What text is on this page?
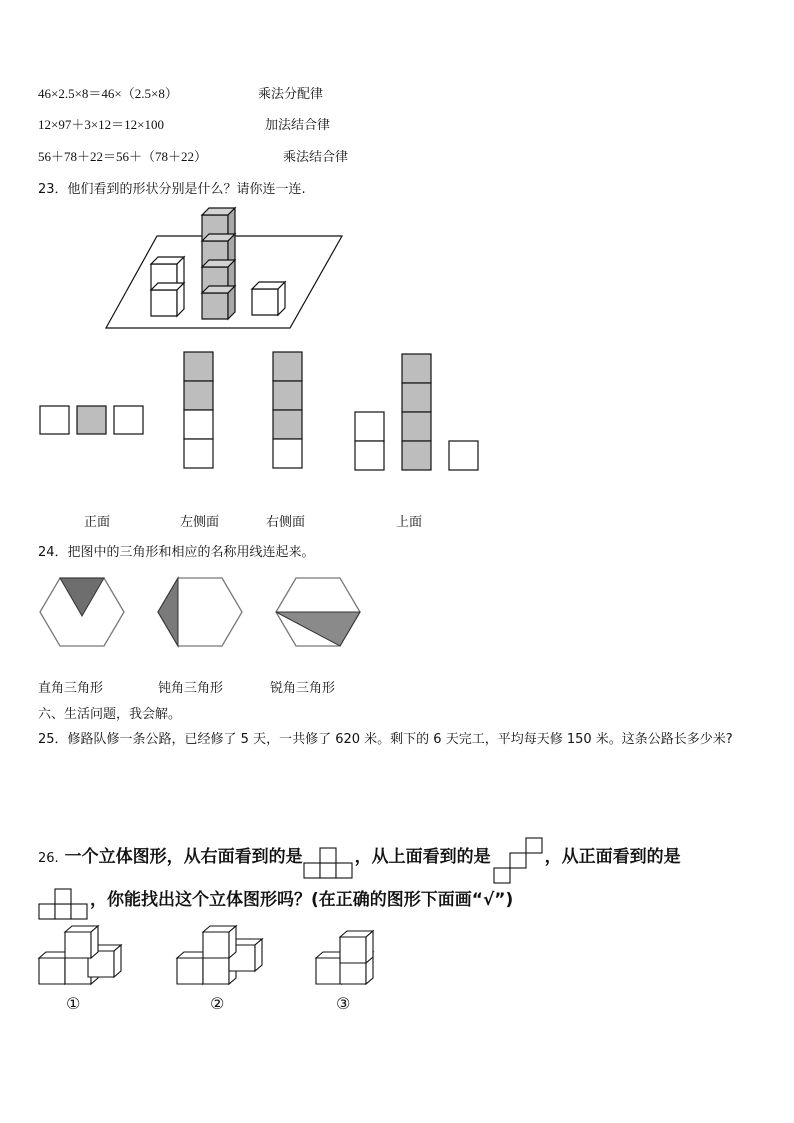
46×2.5×8＝46×（2.5×8）	乘法分配律
12×97＋3×12＝12×100	加法结合律
56＋78＋22＝56＋（78＋22）	乘法结合律
23．他们看到的形状分别是什么？请你连一连.
正面	左侧面	右侧面	上面
24．把图中的三角形和相应的名称用线连起来。
直角三角形	钝角三角形	锐角三角形
六、生活问题，我会解。
25．修路队修一条公路，已经修了 5 天，一共修了 620 米。剩下的 6 天完工，平均每天修 150 米。这条公路长多少米?
26. 一个立体图形，从右面看到的是	，从上面看到的是	，从正面看到的是
，你能找出这个立体图形吗？(在正确的图形下面画“√”)
①	②	③
